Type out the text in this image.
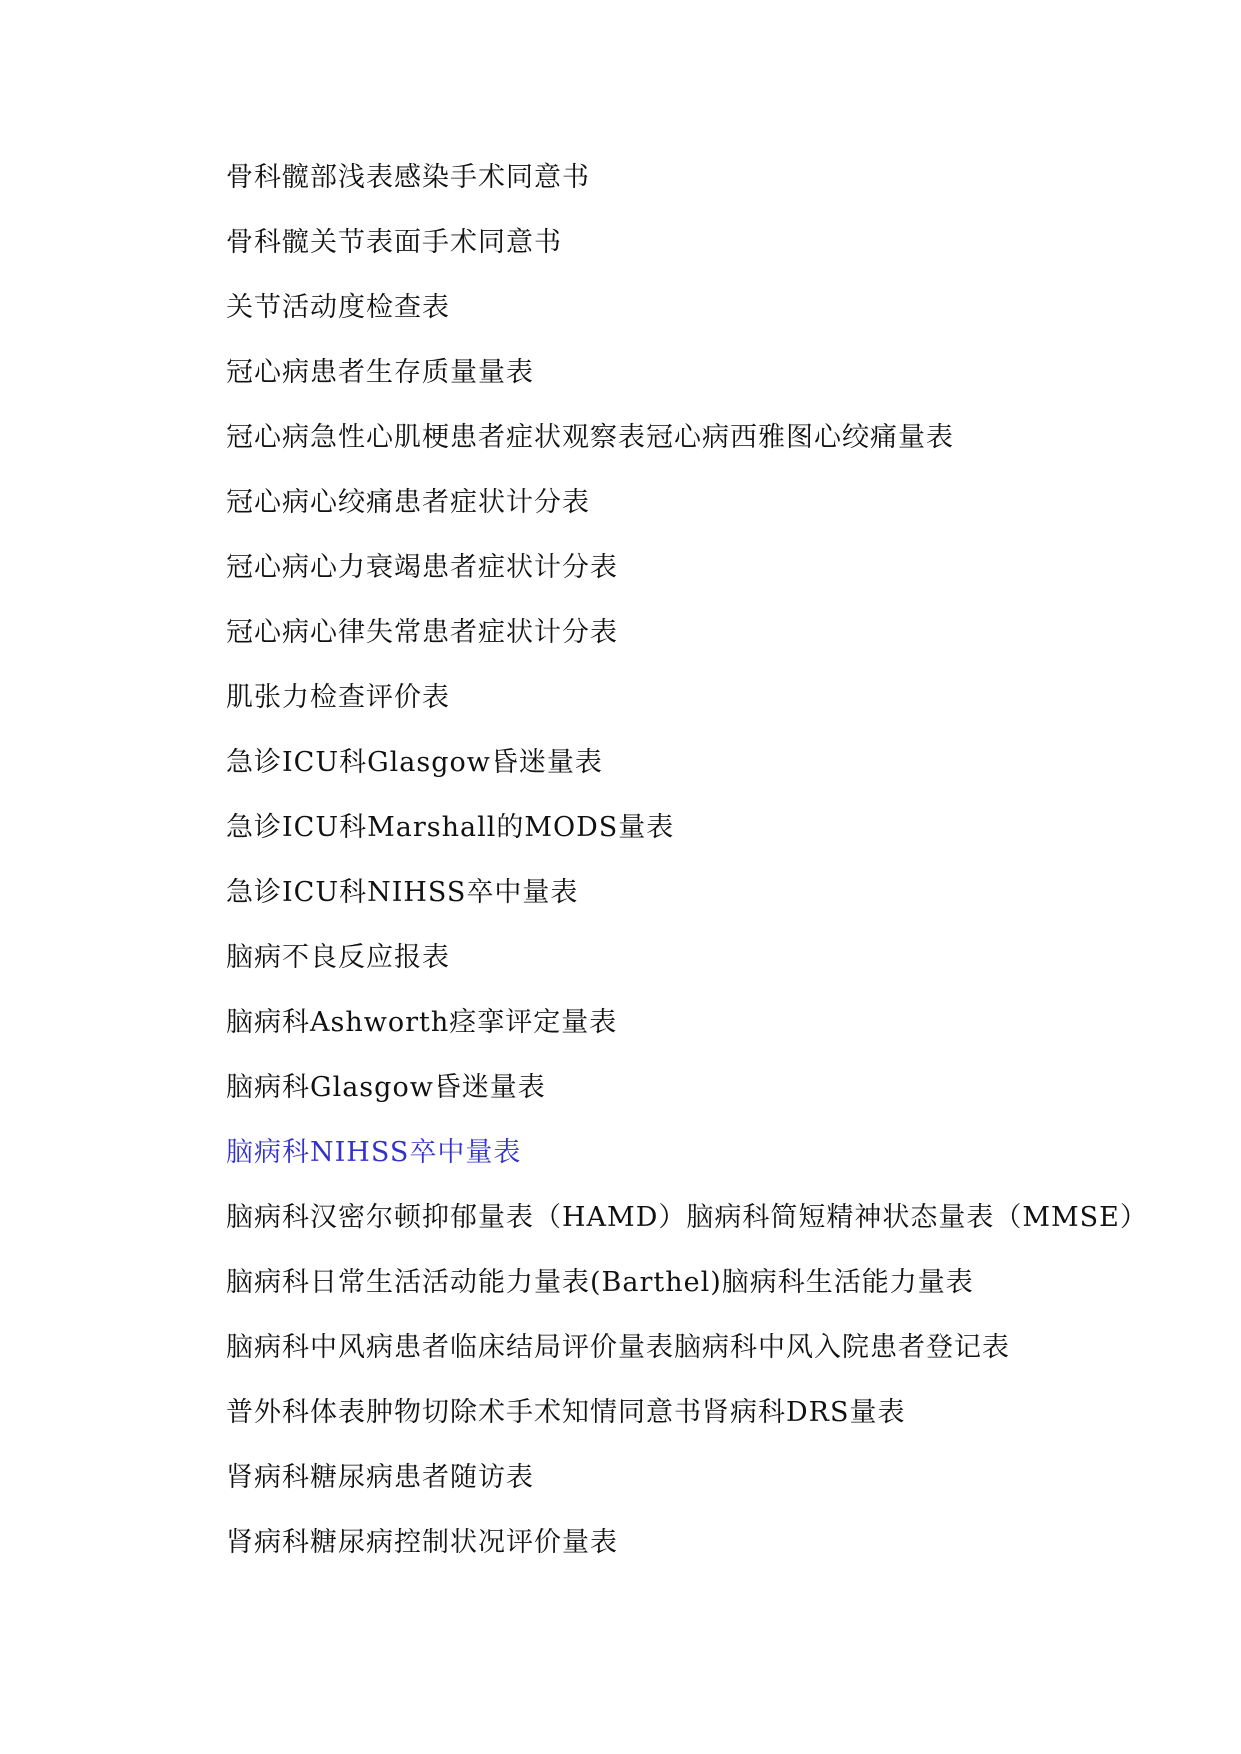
骨科髋部浅表感染手术同意书
骨科髋关节表面手术同意书
关节活动度检查表
冠心病患者生存质量量表
冠心病急性心肌梗患者症状观察表冠心病西雅图心绞痛量表
冠心病心绞痛患者症状计分表
冠心病心力衰竭患者症状计分表
冠心病心律失常患者症状计分表
肌张力检查评价表
急诊ICU科Glasgow昏迷量表
急诊ICU科Marshall的MODS量表
急诊ICU科NIHSS卒中量表
脑病不良反应报表
脑病科Ashworth痉挛评定量表
脑病科Glasgow昏迷量表
脑病科NIHSS卒中量表
脑病科汉密尔顿抑郁量表（HAMD）脑病科简短精神状态量表（MMSE）
脑病科日常生活活动能力量表(Barthel)脑病科生活能力量表
脑病科中风病患者临床结局评价量表脑病科中风入院患者登记表
普外科体表肿物切除术手术知情同意书肾病科DRS量表
肾病科糖尿病患者随访表
肾病科糖尿病控制状况评价量表
